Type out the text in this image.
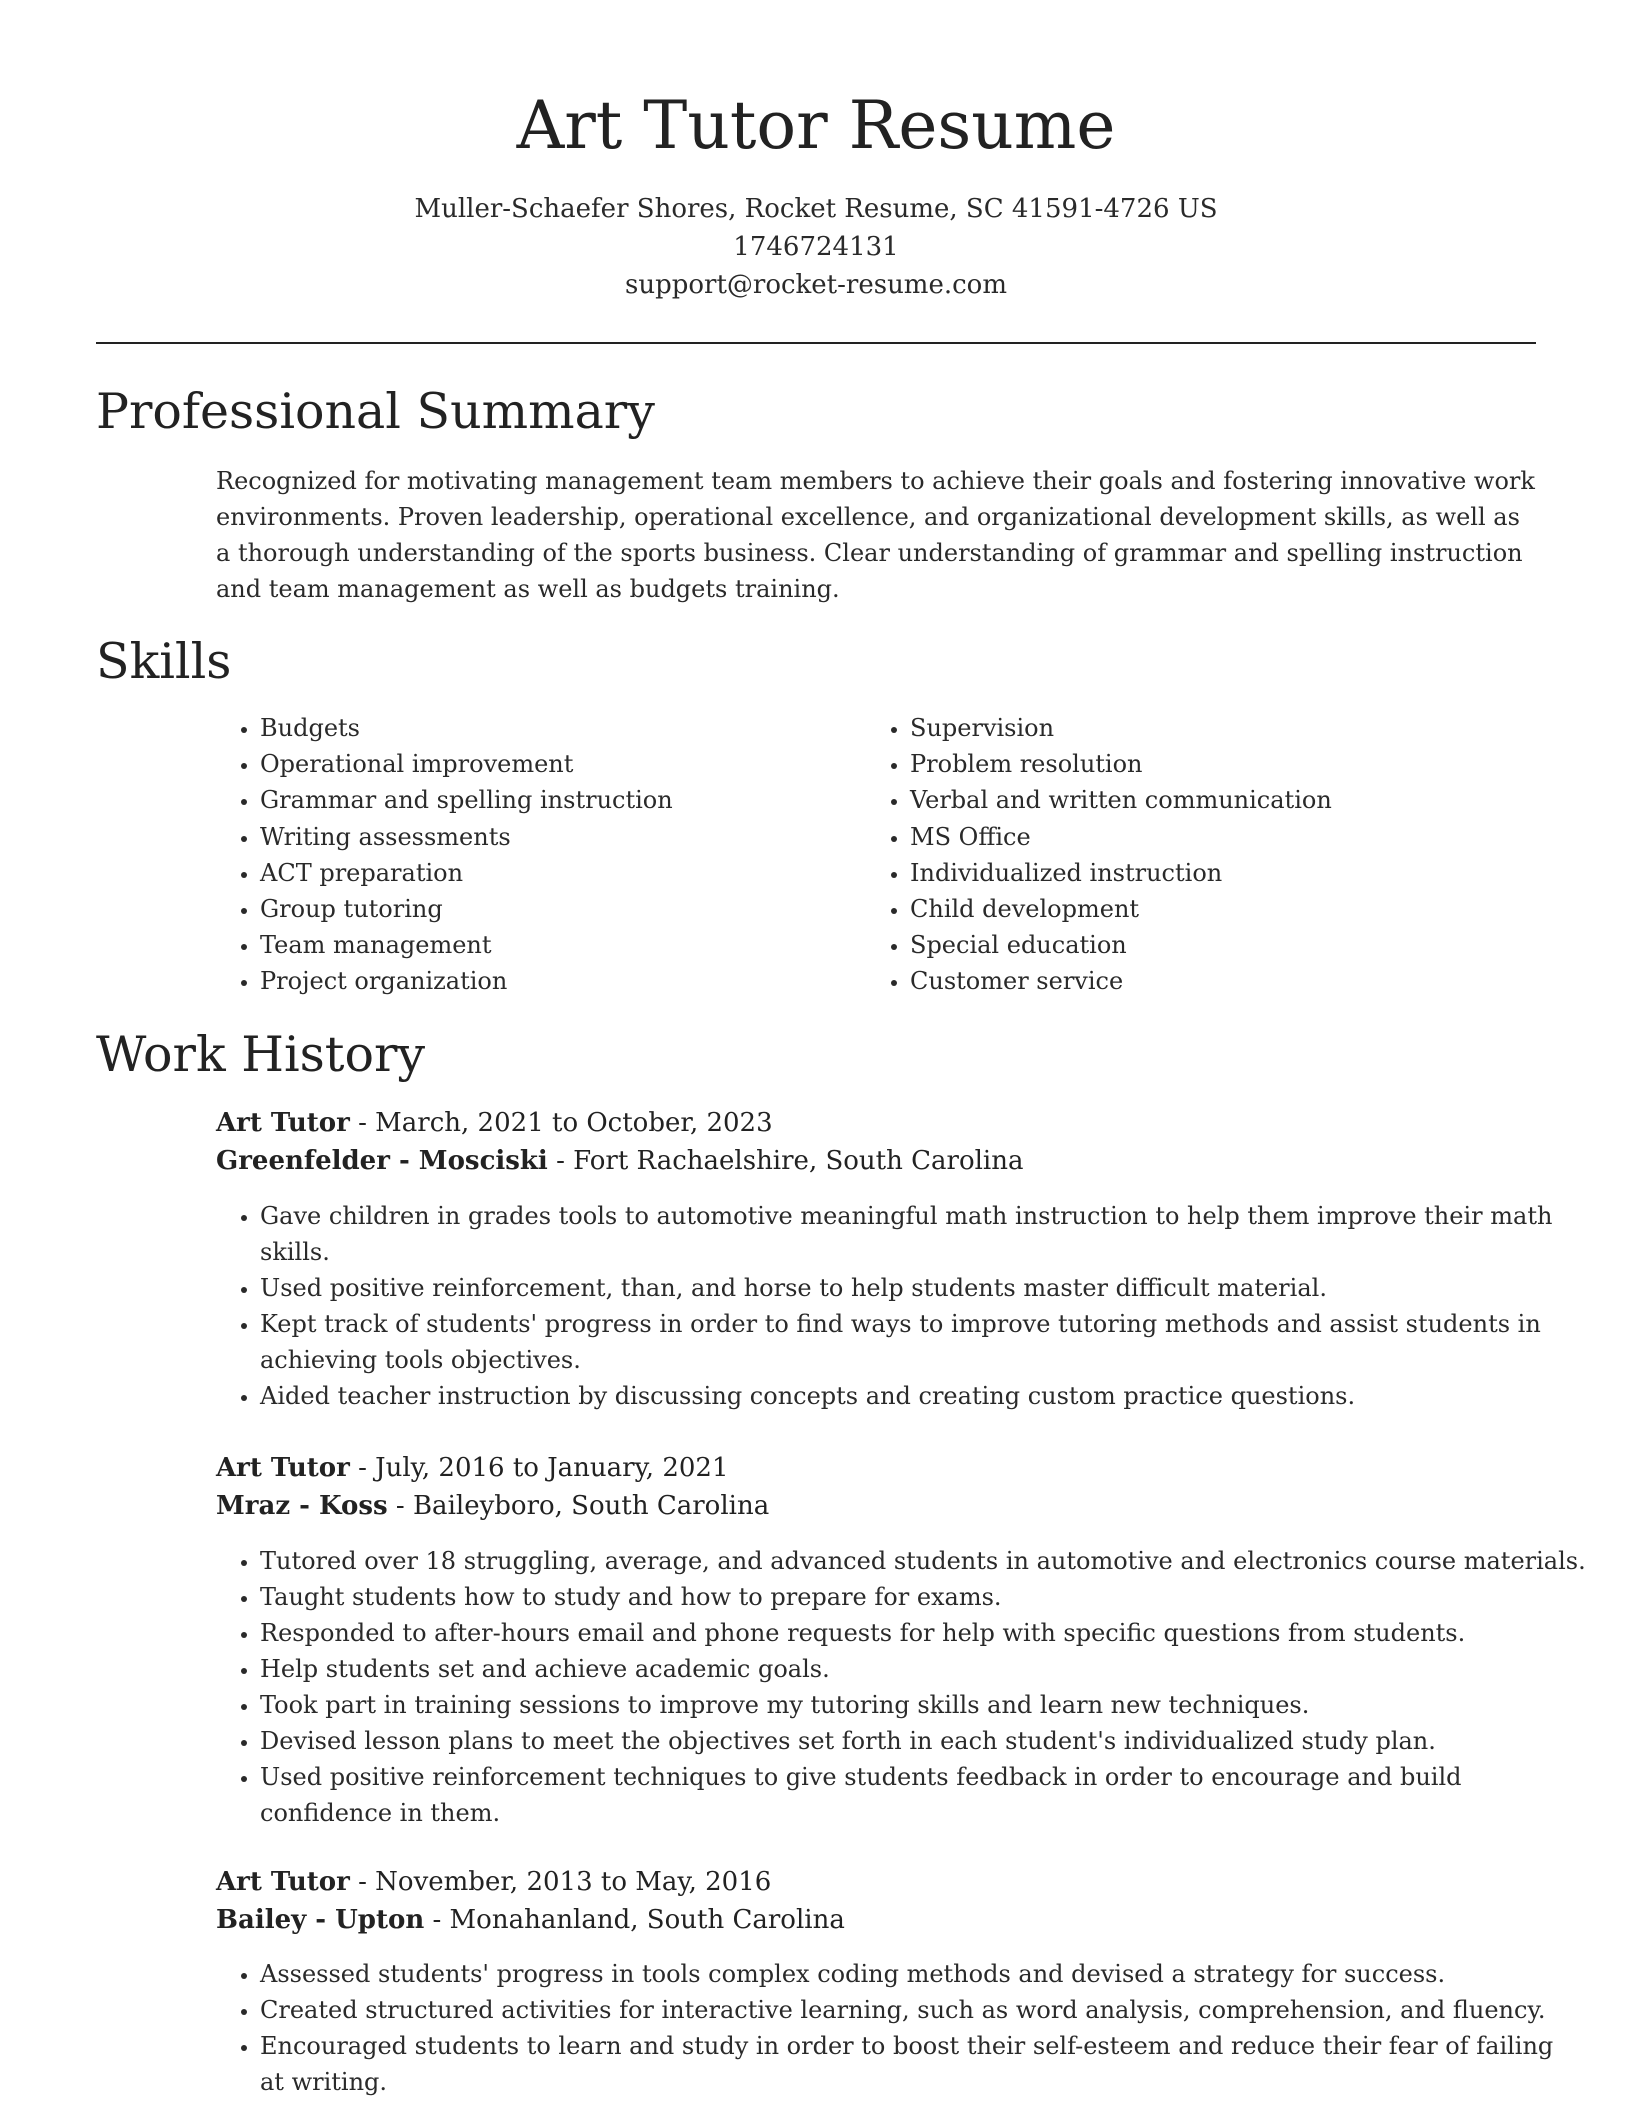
Art Tutor Resume

Muller-Schaefer Shores, Rocket Resume, SC 41591-4726 US

1746724131

support@rocket-resume.com

Professional Summary

Recognized for motivating management team members to achieve their goals and fostering innovative work environments. Proven leadership, operational excellence, and organizational development skills, as well as a thorough understanding of the sports business. Clear understanding of grammar and spelling instruction and team management as well as budgets training.

Skills
• Budgets
• Operational improvement
• Grammar and spelling instruction
• Writing assessments
• ACT preparation
• Group tutoring
• Team management
• Project organization
• Supervision
• Problem resolution
• Verbal and written communication
• MS Office
• Individualized instruction
• Child development
• Special education
• Customer service
Work History

Art Tutor - March, 2021 to October, 2023

Greenfelder - Mosciski - Fort Rachaelshire, South Carolina

• Gave children in grades tools to automotive meaningful math instruction to help them improve their math skills.
• Used positive reinforcement, than, and horse to help students master difficult material.
• Kept track of students' progress in order to find ways to improve tutoring methods and assist students in achieving tools objectives.
• Aided teacher instruction by discussing concepts and creating custom practice questions.

Art Tutor - July, 2016 to January, 2021

Mraz - Koss - Baileyboro, South Carolina

• Tutored over 18 struggling, average, and advanced students in automotive and electronics course materials.
• Taught students how to study and how to prepare for exams.
• Responded to after-hours email and phone requests for help with specific questions from students.
• Help students set and achieve academic goals.
• Took part in training sessions to improve my tutoring skills and learn new techniques.
• Devised lesson plans to meet the objectives set forth in each student's individualized study plan.
• Used positive reinforcement techniques to give students feedback in order to encourage and build confidence in them.

Art Tutor - November, 2013 to May, 2016

Bailey - Upton - Monahanland, South Carolina

• Assessed students' progress in tools complex coding methods and devised a strategy for success.
• Created structured activities for interactive learning, such as word analysis, comprehension, and fluency.
• Encouraged students to learn and study in order to boost their self-esteem and reduce their fear of failing at writing.
